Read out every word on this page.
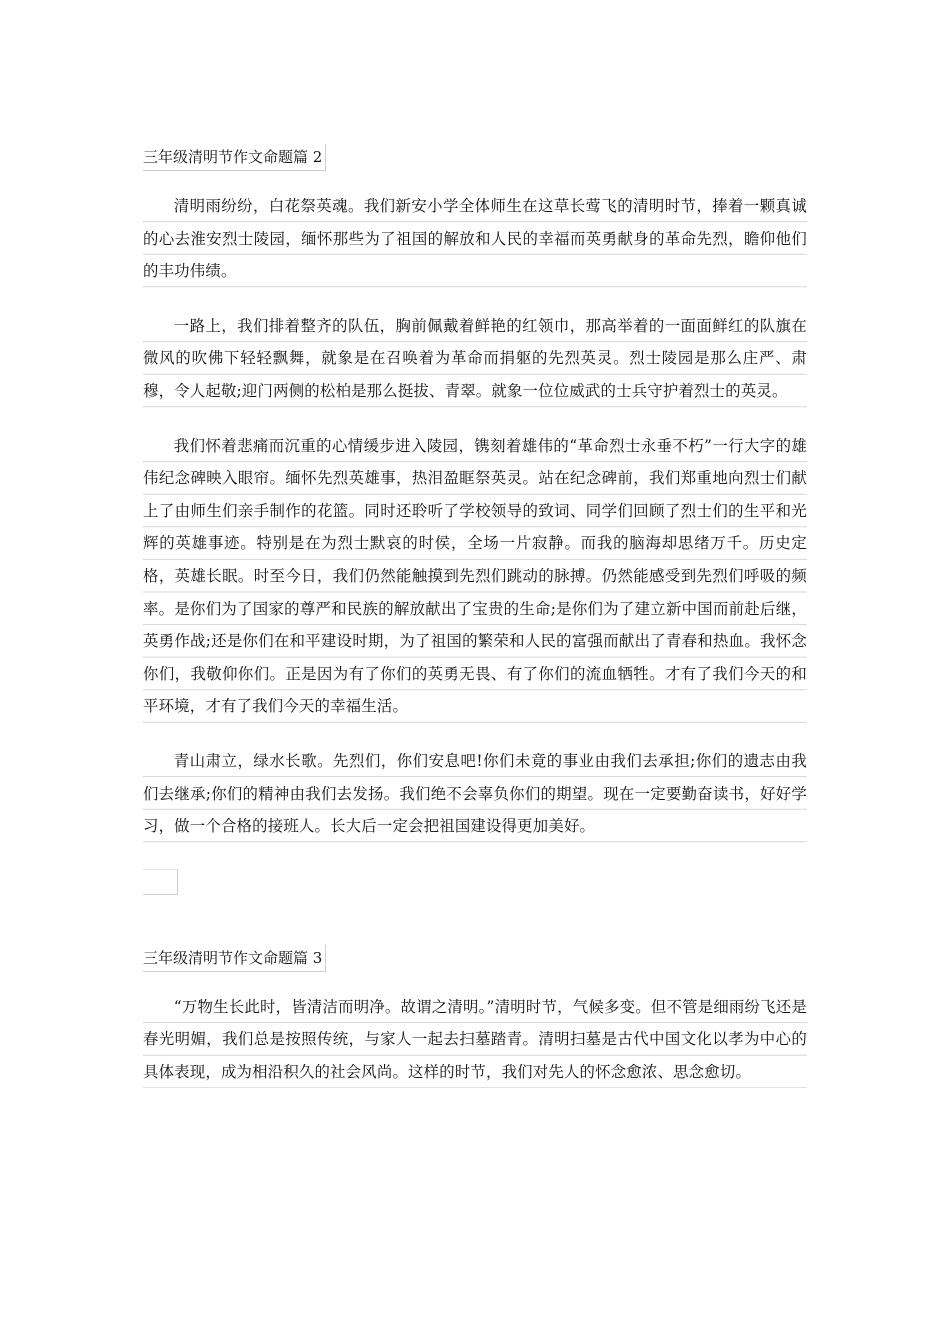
三年级清明节作文命题篇 2

清明雨纷纷，白花祭英魂。我们新安小学全体师生在这草长莺飞的清明时节，捧着一颗真诚的心去淮安烈士陵园，缅怀那些为了祖国的解放和人民的幸福而英勇献身的革命先烈，瞻仰他们的丰功伟绩。

一路上，我们排着整齐的队伍，胸前佩戴着鲜艳的红领巾，那高举着的一面面鲜红的队旗在微风的吹佛下轻轻飘舞，就象是在召唤着为革命而捐躯的先烈英灵。烈士陵园是那么庄严、肃穆，令人起敬;迎门两侧的松柏是那么挺拔、青翠。就象一位位威武的士兵守护着烈士的英灵。

我们怀着悲痛而沉重的心情缓步进入陵园，镌刻着雄伟的“革命烈士永垂不朽”一行大字的雄伟纪念碑映入眼帘。缅怀先烈英雄事，热泪盈眶祭英灵。站在纪念碑前，我们郑重地向烈士们献上了由师生们亲手制作的花篮。同时还聆听了学校领导的致词、同学们回顾了烈士们的生平和光辉的英雄事迹。特别是在为烈士默哀的时侯，全场一片寂静。而我的脑海却思绪万千。历史定格，英雄长眠。时至今日，我们仍然能触摸到先烈们跳动的脉搏。仍然能感受到先烈们呼吸的频率。是你们为了国家的尊严和民族的解放献出了宝贵的生命;是你们为了建立新中国而前赴后继，英勇作战;还是你们在和平建设时期，为了祖国的繁荣和人民的富强而献出了青春和热血。我怀念你们，我敬仰你们。正是因为有了你们的英勇无畏、有了你们的流血牺牲。才有了我们今天的和平环境，才有了我们今天的幸福生活。

青山肃立，绿水长歌。先烈们，你们安息吧!你们未竟的事业由我们去承担;你们的遗志由我们去继承;你们的精神由我们去发扬。我们绝不会辜负你们的期望。现在一定要勤奋读书，好好学习，做一个合格的接班人。长大后一定会把祖国建设得更加美好。

三年级清明节作文命题篇 3

“万物生长此时，皆清洁而明净。故谓之清明。”清明时节，气候多变。但不管是细雨纷飞还是春光明媚，我们总是按照传统，与家人一起去扫墓踏青。清明扫墓是古代中国文化以孝为中心的具体表现，成为相沿积久的社会风尚。这样的时节，我们对先人的怀念愈浓、思念愈切。
